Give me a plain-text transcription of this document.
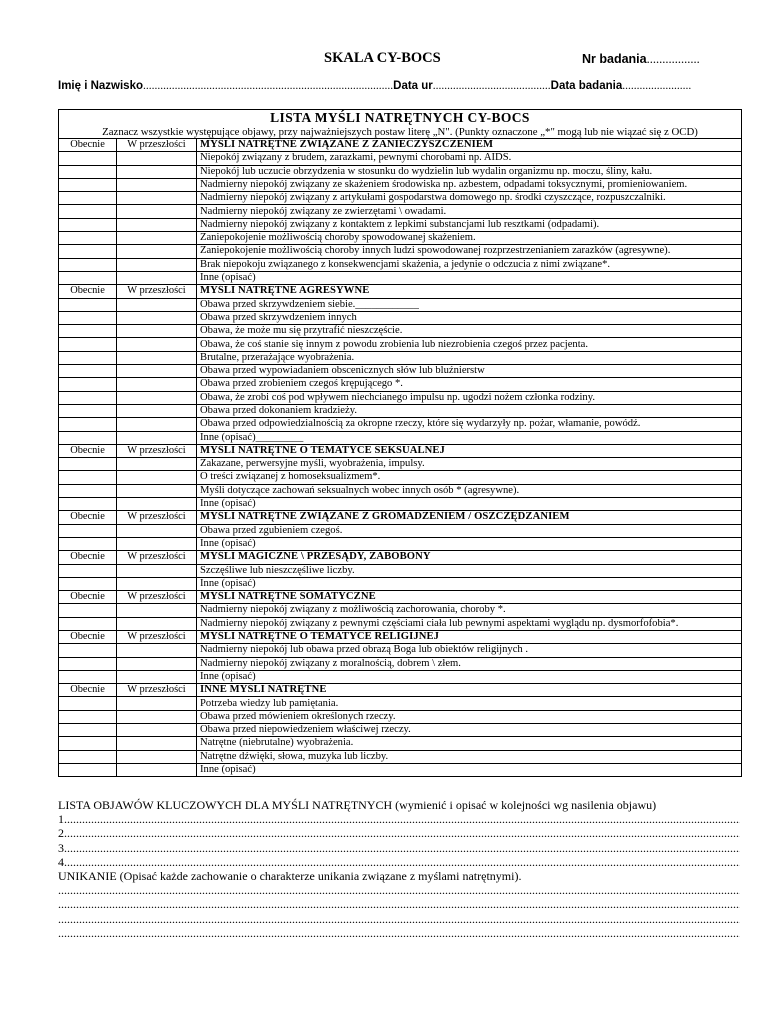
SKALA CY-BOCS	Nr badania.................
Imię i Nazwisko.......................................................................................Data ur.........................................Data badania........................
LISTA MYŚLI NATRĘTNYCH CY-BOCS
Zaznacz wszystkie występujące objawy, przy najważniejszych postaw literę „N". (Punkty oznaczone „*" mogą lub nie wiązać się z OCD)		

Obecnie	W przeszłości	MYŚLI NATRĘTNE ZWIĄZANE Z ZANIECZYSZCZENIEM
		Niepokój związany z brudem, zarazkami, pewnymi chorobami np. AIDS.
		Niepokój lub uczucie obrzydzenia w stosunku do wydzielin lub wydalin organizmu np. moczu, śliny, kału.
		Nadmierny niepokój związany ze skażeniem środowiska np. azbestem, odpadami toksycznymi, promieniowaniem.
		Nadmierny niepokój związany z artykułami gospodarstwa domowego np. środki czyszczące, rozpuszczalniki.
		Nadmierny niepokój związany ze zwierzętami \ owadami.
		Nadmierny niepokój związany z kontaktem z lepkimi substancjami lub resztkami (odpadami).
		Zaniepokojenie możliwością choroby spowodowanej skażeniem.
		Zaniepokojenie możliwością choroby innych ludzi spowodowanej rozprzestrzenianiem zarazków (agresywne).
		Brak niepokoju związanego z konsekwencjami skażenia, a jedynie o odczucia z nimi związane*.
		Inne (opisać)
Obecnie	W przeszłości	MYŚLI NATRĘTNE AGRESYWNE
		Obawa przed skrzywdzeniem siebie.____________
		Obawa przed skrzywdzeniem innych
		Obawa, że może mu się przytrafić nieszczęście.
		Obawa, że coś stanie się innym z powodu zrobienia lub niezrobienia czegoś przez pacjenta.
		Brutalne, przerażające wyobrażenia.
		Obawa przed wypowiadaniem obscenicznych słów lub bluźnierstw
		Obawa przed zrobieniem czegoś krępującego *.
		Obawa, że zrobi coś pod wpływem niechcianego impulsu np. ugodzi nożem członka rodziny.
		Obawa przed dokonaniem kradzieży.
		Obawa przed odpowiedzialnością za okropne rzeczy, które się wydarzyły np. pożar, włamanie, powódź.
		Inne (opisać)_________
Obecnie	W przeszłości	MYŚLI NATRĘTNE O TEMATYCE SEKSUALNEJ
		Zakazane, perwersyjne myśli, wyobrażenia, impulsy.
		O treści związanej z homoseksualizmem*.
		Myśli dotyczące zachowań seksualnych wobec innych osób * (agresywne).
		Inne (opisać)
Obecnie	W przeszłości	MYŚLI NATRĘTNE ZWIĄZANE Z GROMADZENIEM / OSZCZĘDZANIEM
		Obawa przed zgubieniem czegoś.
		Inne (opisać)
Obecnie	W przeszłości	MYŚLI MAGICZNE \ PRZESĄDY, ZABOBONY
		Szczęśliwe lub nieszczęśliwe liczby.
		Inne (opisać)
Obecnie	W przeszłości	MYŚLI NATRĘTNE SOMATYCZNE
		Nadmierny niepokój związany z możliwością zachorowania, choroby *.
		Nadmierny niepokój związany z pewnymi częściami ciała lub pewnymi aspektami wyglądu np. dysmorfofobia*.
Obecnie	W przeszłości	MYŚLI NATRĘTNE O TEMATYCE RELIGIJNEJ
		Nadmierny niepokój lub obawa przed obrazą Boga lub obiektów religijnych .
		Nadmierny niepokój związany z moralnością, dobrem \ złem.
		Inne (opisać)
Obecnie	W przeszłości	INNE MYŚLI NATRĘTNE
		Potrzeba wiedzy lub pamiętania.
		Obawa przed mówieniem określonych rzeczy.
		Obawa przed niepowiedzeniem właściwej rzeczy.
		Natrętne (niebrutalne) wyobrażenia.
		Natrętne dźwięki, słowa, muzyka lub liczby.
		Inne (opisać)
LISTA OBJAWÓW KLUCZOWYCH DLA MYŚLI NATRĘTNYCH (wymienić i opisać w kolejności wg nasilenia objawu)
1. .....
2. .....
3. .....
4. .....
UNIKANIE (Opisać każde zachowanie o charakterze unikania związane z myślami natrętnymi).
.....
.....
.....
.....
